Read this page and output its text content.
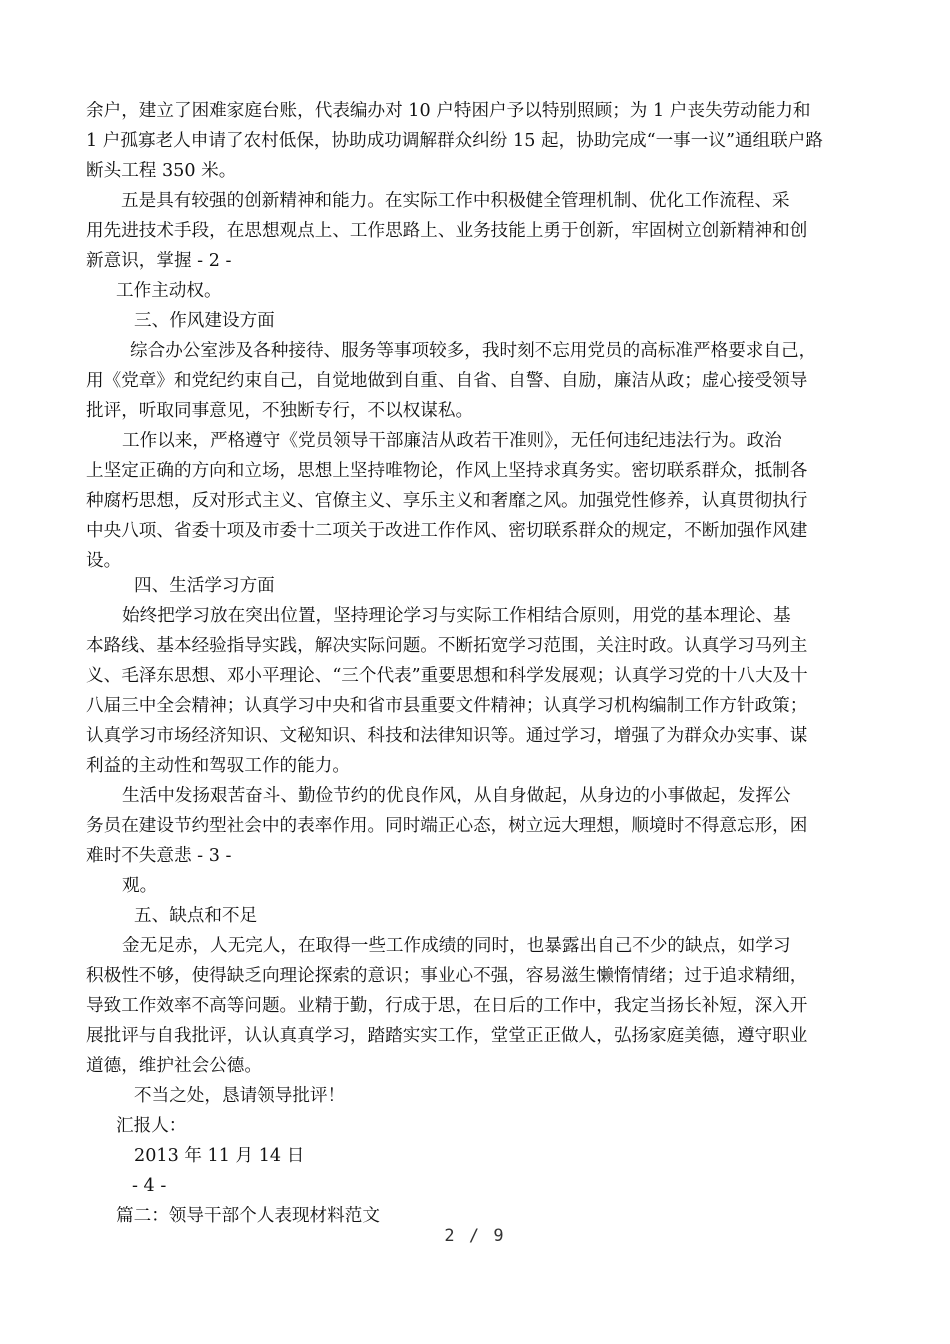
余户，建立了困难家庭台账，代表编办对 10 户特困户予以特别照顾；为 1 户丧失劳动能力和
1 户孤寡老人申请了农村低保，协助成功调解群众纠纷 15 起，协助完成“一事一议”通组联户路
断头工程 350 米。
五是具有较强的创新精神和能力。在实际工作中积极健全管理机制、优化工作流程、采
用先进技术手段，在思想观点上、工作思路上、业务技能上勇于创新，牢固树立创新精神和创
新意识，掌握 - 2 -
工作主动权。
三、作风建设方面
综合办公室涉及各种接待、服务等事项较多，我时刻不忘用党员的高标准严格要求自己，
用《党章》和党纪约束自己，自觉地做到自重、自省、自警、自励，廉洁从政；虚心接受领导
批评，听取同事意见，不独断专行，不以权谋私。
工作以来，严格遵守《党员领导干部廉洁从政若干准则》，无任何违纪违法行为。政治
上坚定正确的方向和立场，思想上坚持唯物论，作风上坚持求真务实。密切联系群众，抵制各
种腐朽思想，反对形式主义、官僚主义、享乐主义和奢靡之风。加强党性修养，认真贯彻执行
中央八项、省委十项及市委十二项关于改进工作作风、密切联系群众的规定，不断加强作风建
设。
四、生活学习方面
始终把学习放在突出位置，坚持理论学习与实际工作相结合原则，用党的基本理论、基
本路线、基本经验指导实践，解决实际问题。不断拓宽学习范围，关注时政。认真学习马列主
义、毛泽东思想、邓小平理论、“三个代表”重要思想和科学发展观；认真学习党的十八大及十
八届三中全会精神；认真学习中央和省市县重要文件精神；认真学习机构编制工作方针政策；
认真学习市场经济知识、文秘知识、科技和法律知识等。通过学习，增强了为群众办实事、谋
利益的主动性和驾驭工作的能力。
生活中发扬艰苦奋斗、勤俭节约的优良作风，从自身做起，从身边的小事做起，发挥公
务员在建设节约型社会中的表率作用。同时端正心态，树立远大理想，顺境时不得意忘形，困
难时不失意悲 - 3 -
观。
五、缺点和不足
金无足赤，人无完人，在取得一些工作成绩的同时，也暴露出自己不少的缺点，如学习
积极性不够，使得缺乏向理论探索的意识；事业心不强，容易滋生懒惰情绪；过于追求精细，
导致工作效率不高等问题。业精于勤，行成于思，在日后的工作中，我定当扬长补短，深入开
展批评与自我批评，认认真真学习，踏踏实实工作，堂堂正正做人，弘扬家庭美德，遵守职业
道德，维护社会公德。
不当之处，恳请领导批评！
汇报人：
2013 年 11 月 14 日
- 4 -
篇二：领导干部个人表现材料范文
2 / 9
